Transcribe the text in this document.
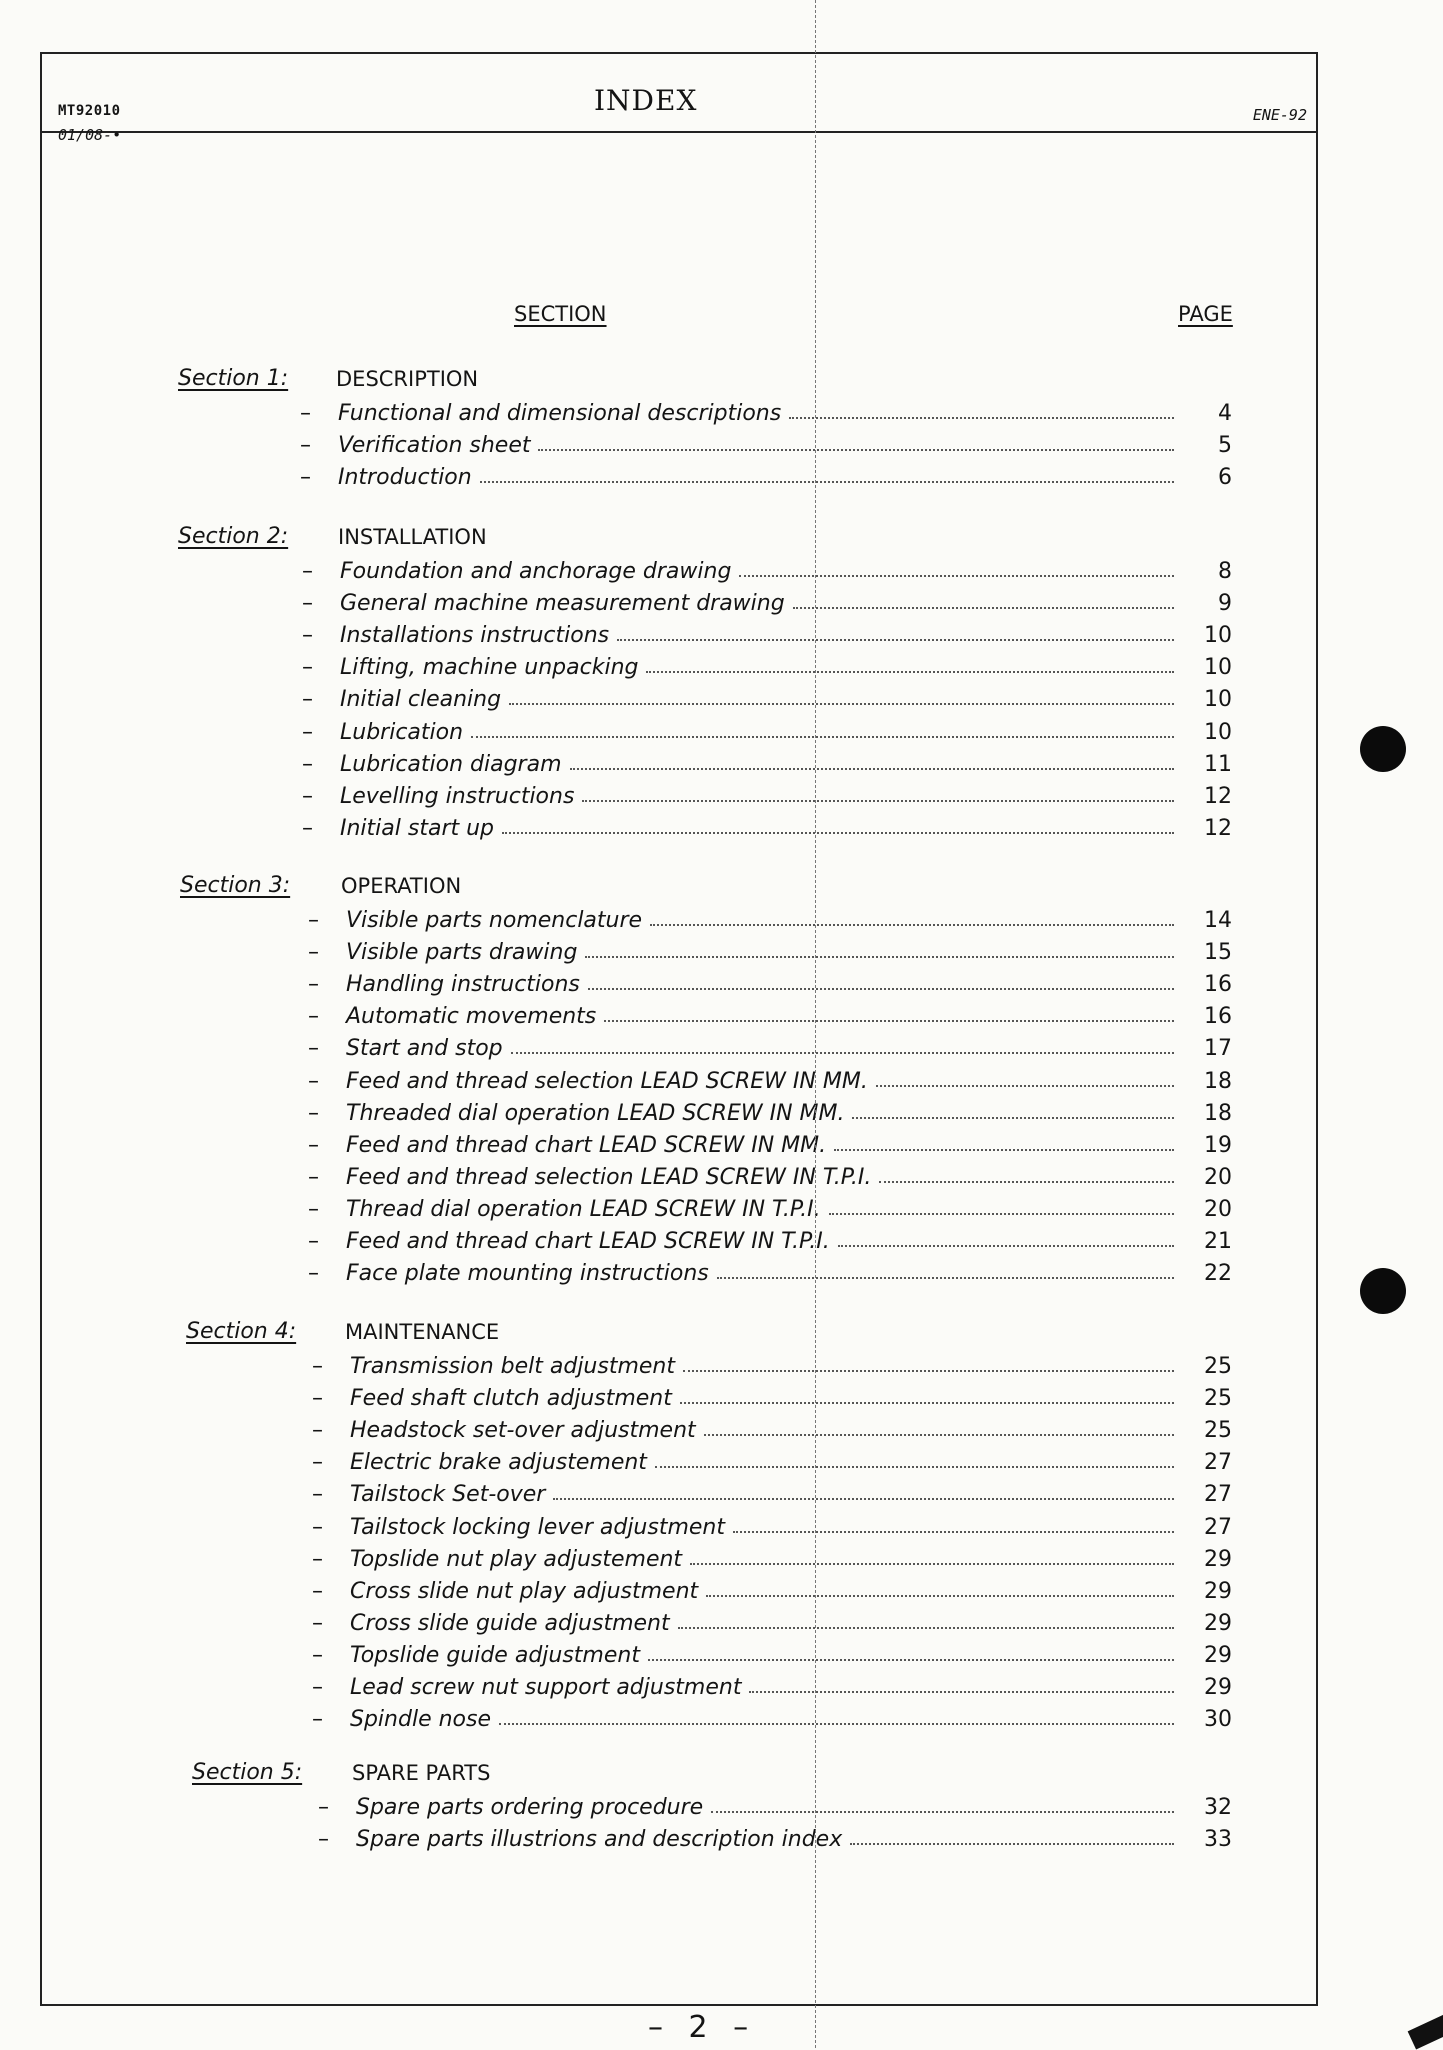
MT92010
01/08-•
INDEX	ENE-92
SECTION	PAGE
Section 1: DESCRIPTION
–	Functional and dimensional descriptions	4
–	Verification sheet	5
–	Introduction	6
Section 2: INSTALLATION
–	Foundation and anchorage drawing	8
–	General machine measurement drawing	9
–	Installations instructions	10
–	Lifting, machine unpacking	10
–	Initial cleaning	10
–	Lubrication	10
–	Lubrication diagram	11
–	Levelling instructions	12
–	Initial start up	12
Section 3: OPERATION
–	Visible parts nomenclature	14
–	Visible parts drawing	15
–	Handling instructions	16
–	Automatic movements	16
–	Start and stop	17
–	Feed and thread selection LEAD SCREW IN MM.	18
–	Threaded dial operation LEAD SCREW IN MM.	18
–	Feed and thread chart LEAD SCREW IN MM.	19
–	Feed and thread selection LEAD SCREW IN T.P.I.	20
–	Thread dial operation LEAD SCREW IN T.P.I.	20
–	Feed and thread chart LEAD SCREW IN T.P.I.	21
–	Face plate mounting instructions	22
Section 4: MAINTENANCE
–	Transmission belt adjustment	25
–	Feed shaft clutch adjustment	25
–	Headstock set-over adjustment	25
–	Electric brake adjustement	27
–	Tailstock Set-over	27
–	Tailstock locking lever adjustment	27
–	Topslide nut play adjustement	29
–	Cross slide nut play adjustment	29
–	Cross slide guide adjustment	29
–	Topslide guide adjustment	29
–	Lead screw nut support adjustment	29
–	Spindle nose	30
Section 5: SPARE PARTS
–	Spare parts ordering procedure	32
–	Spare parts illustrions and description index	33
– 2 –
